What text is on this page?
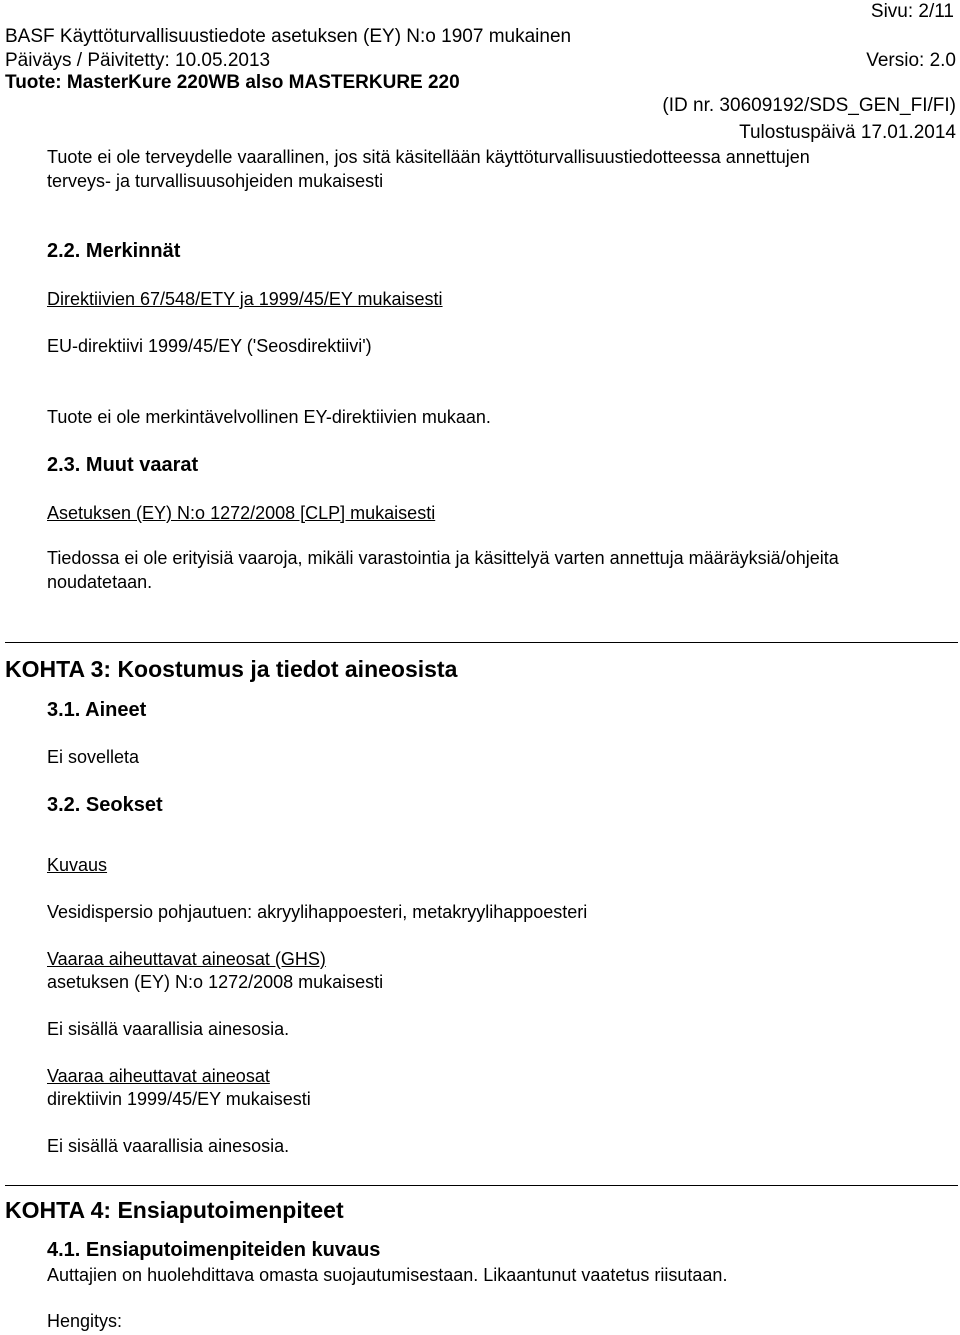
Sivu: 2/11
BASF Käyttöturvallisuustiedote asetuksen (EY) N:o 1907 mukainen
Päiväys / Päivitetty: 10.05.2013	Versio: 2.0
Tuote: MasterKure 220WB also MASTERKURE 220
(ID nr. 30609192/SDS_GEN_FI/FI)
Tulostuspäivä 17.01.2014
Tuote ei ole terveydelle vaarallinen, jos sitä käsitellään käyttöturvallisuustiedotteessa annettujen
terveys- ja turvallisuusohjeiden mukaisesti
2.2. Merkinnät
Direktiivien 67/548/ETY ja 1999/45/EY mukaisesti
EU-direktiivi 1999/45/EY ('Seosdirektiivi')
Tuote ei ole merkintävelvollinen EY-direktiivien mukaan.
2.3. Muut vaarat
Asetuksen (EY) N:o 1272/2008 [CLP] mukaisesti
Tiedossa ei ole erityisiä vaaroja, mikäli varastointia ja käsittelyä varten annettuja määräyksiä/ohjeita
noudatetaan.
KOHTA 3: Koostumus ja tiedot aineosista
3.1. Aineet
Ei sovelleta
3.2. Seokset
Kuvaus
Vesidispersio pohjautuen: akryylihappoesteri, metakryylihappoesteri
Vaaraa aiheuttavat aineosat (GHS)
asetuksen (EY) N:o 1272/2008 mukaisesti
Ei sisällä vaarallisia ainesosia.
Vaaraa aiheuttavat aineosat
direktiivin 1999/45/EY mukaisesti
Ei sisällä vaarallisia ainesosia.
KOHTA 4: Ensiaputoimenpiteet
4.1. Ensiaputoimenpiteiden kuvaus
Auttajien on huolehdittava omasta suojautumisestaan. Likaantunut vaatetus riisutaan.
Hengitys:
